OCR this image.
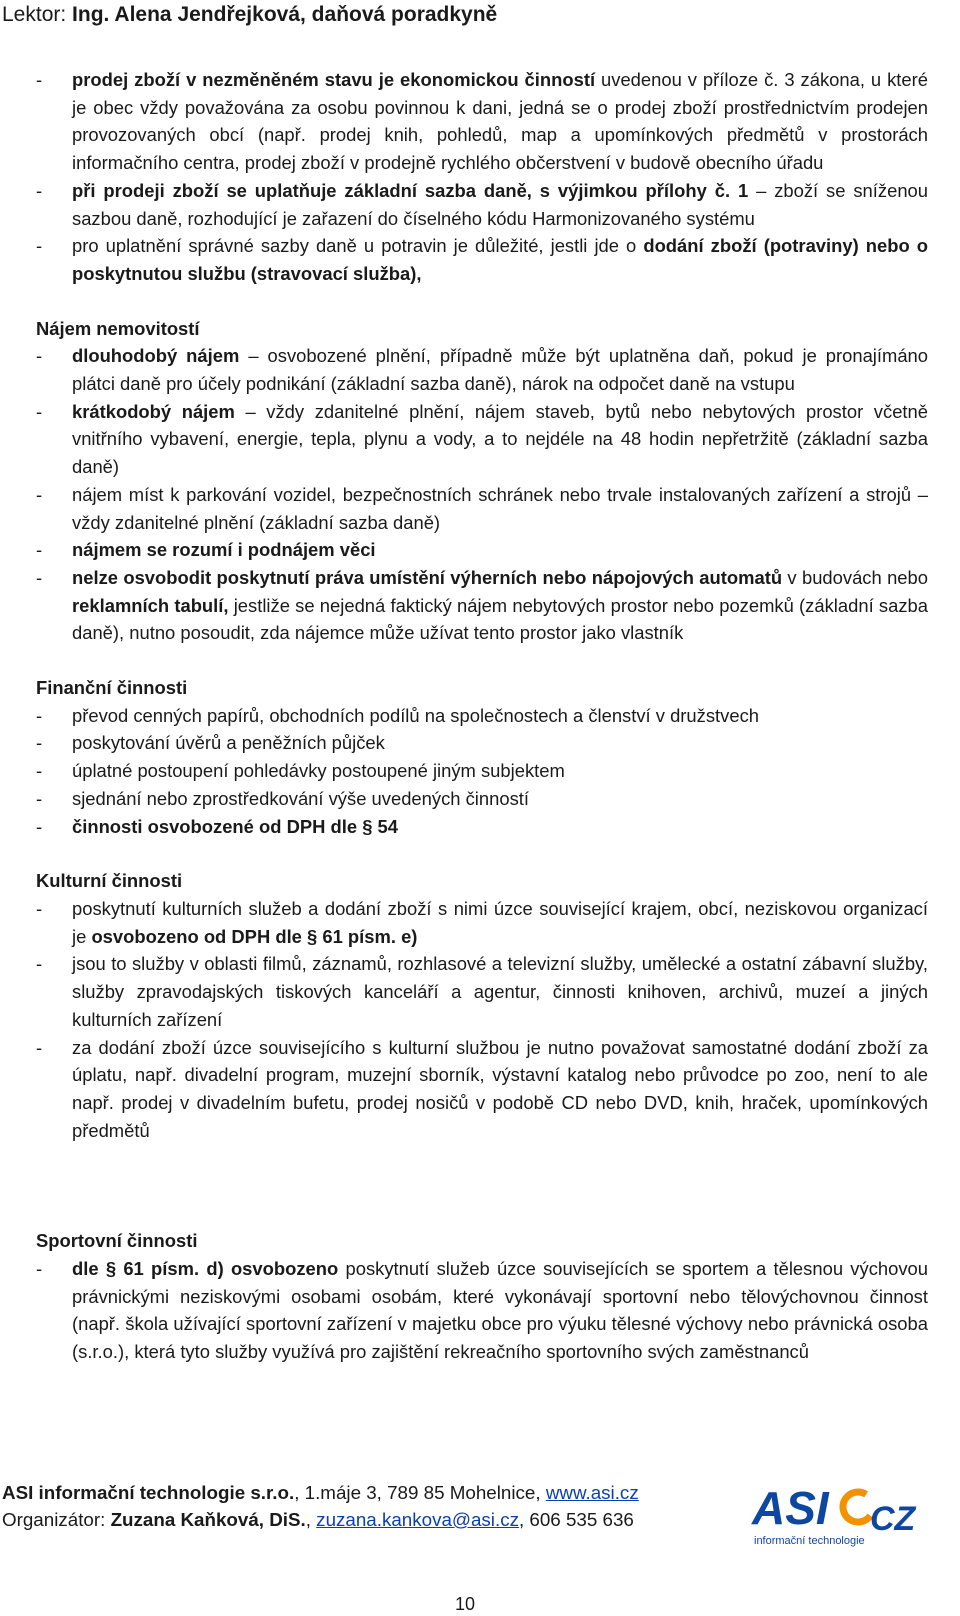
Lektor: Ing. Alena Jendřejková, daňová poradkyně
-	prodej zboží v nezměněném stavu je ekonomickou činností uvedenou v příloze č. 3 zákona, u které je obec vždy považována za osobu povinnou k dani, jedná se o prodej zboží prostřednictvím prodejen provozovaných obcí (např. prodej knih, pohledů, map a upomínkových předmětů v prostorách informačního centra, prodej zboží v prodejně rychlého občerstvení v budově obecního úřadu
-	při prodeji zboží se uplatňuje základní sazba daně, s výjimkou přílohy č. 1 – zboží se sníženou sazbou daně, rozhodující je zařazení do číselného kódu Harmonizovaného systému
-	pro uplatnění správné sazby daně u potravin je důležité, jestli jde o dodání zboží (potraviny) nebo o poskytnutou službu (stravovací služba),
Nájem nemovitostí
-	dlouhodobý nájem – osvobozené plnění, případně může být uplatněna daň, pokud je pronajímáno plátci daně pro účely podnikání (základní sazba daně), nárok na odpočet daně na vstupu
-	krátkodobý nájem – vždy zdanitelné plnění, nájem staveb, bytů nebo nebytových prostor včetně vnitřního vybavení, energie, tepla, plynu a vody, a to nejdéle na 48 hodin nepřetržitě (základní sazba daně)
-	nájem míst k parkování vozidel, bezpečnostních schránek nebo trvale instalovaných zařízení a strojů – vždy zdanitelné plnění (základní sazba daně)
-	nájmem se rozumí i podnájem věci
-	nelze osvobodit poskytnutí práva umístění výherních nebo nápojových automatů v budovách nebo reklamních tabulí, jestliže se nejedná faktický nájem nebytových prostor nebo pozemků (základní sazba daně), nutno posoudit, zda nájemce může užívat tento prostor jako vlastník
Finanční činnosti
-	převod cenných papírů, obchodních podílů na společnostech a členství v družstvech
-	poskytování úvěrů a peněžních půjček
-	úplatné postoupení pohledávky postoupené jiným subjektem
-	sjednání nebo zprostředkování výše uvedených činností
-	činnosti osvobozené od DPH dle § 54
Kulturní činnosti
-	poskytnutí kulturních služeb a dodání zboží s nimi úzce související krajem, obcí, neziskovou organizací je osvobozeno od DPH dle § 61 písm. e)
-	jsou to služby v oblasti filmů, záznamů, rozhlasové a televizní služby, umělecké a ostatní zábavní služby, služby zpravodajských tiskových kanceláří a agentur, činnosti knihoven, archivů, muzeí a jiných kulturních zařízení
-	za dodání zboží úzce souvisejícího s kulturní službou je nutno považovat samostatné dodání zboží za úplatu, např. divadelní program, muzejní sborník, výstavní katalog nebo průvodce po zoo, není to ale např. prodej v divadelním bufetu, prodej nosičů v podobě CD nebo DVD, knih, hraček, upomínkových předmětů
Sportovní činnosti
-	dle § 61 písm. d) osvobozeno poskytnutí služeb úzce souvisejících se sportem a tělesnou výchovou právnickými neziskovými osobami osobám, které vykonávají sportovní nebo tělovýchovnou činnost (např. škola užívající sportovní zařízení v majetku obce pro výuku tělesné výchovy nebo právnická osoba (s.r.o.), která tyto služby využívá pro zajištění rekreačního sportovního svých zaměstnanců
ASI informační technologie s.r.o., 1.máje 3, 789 85 Mohelnice, www.asi.cz
Organizátor: Zuzana Kaňková, DiS., zuzana.kankova@asi.cz, 606 535 636
10
ASI CZ
informační technologie
